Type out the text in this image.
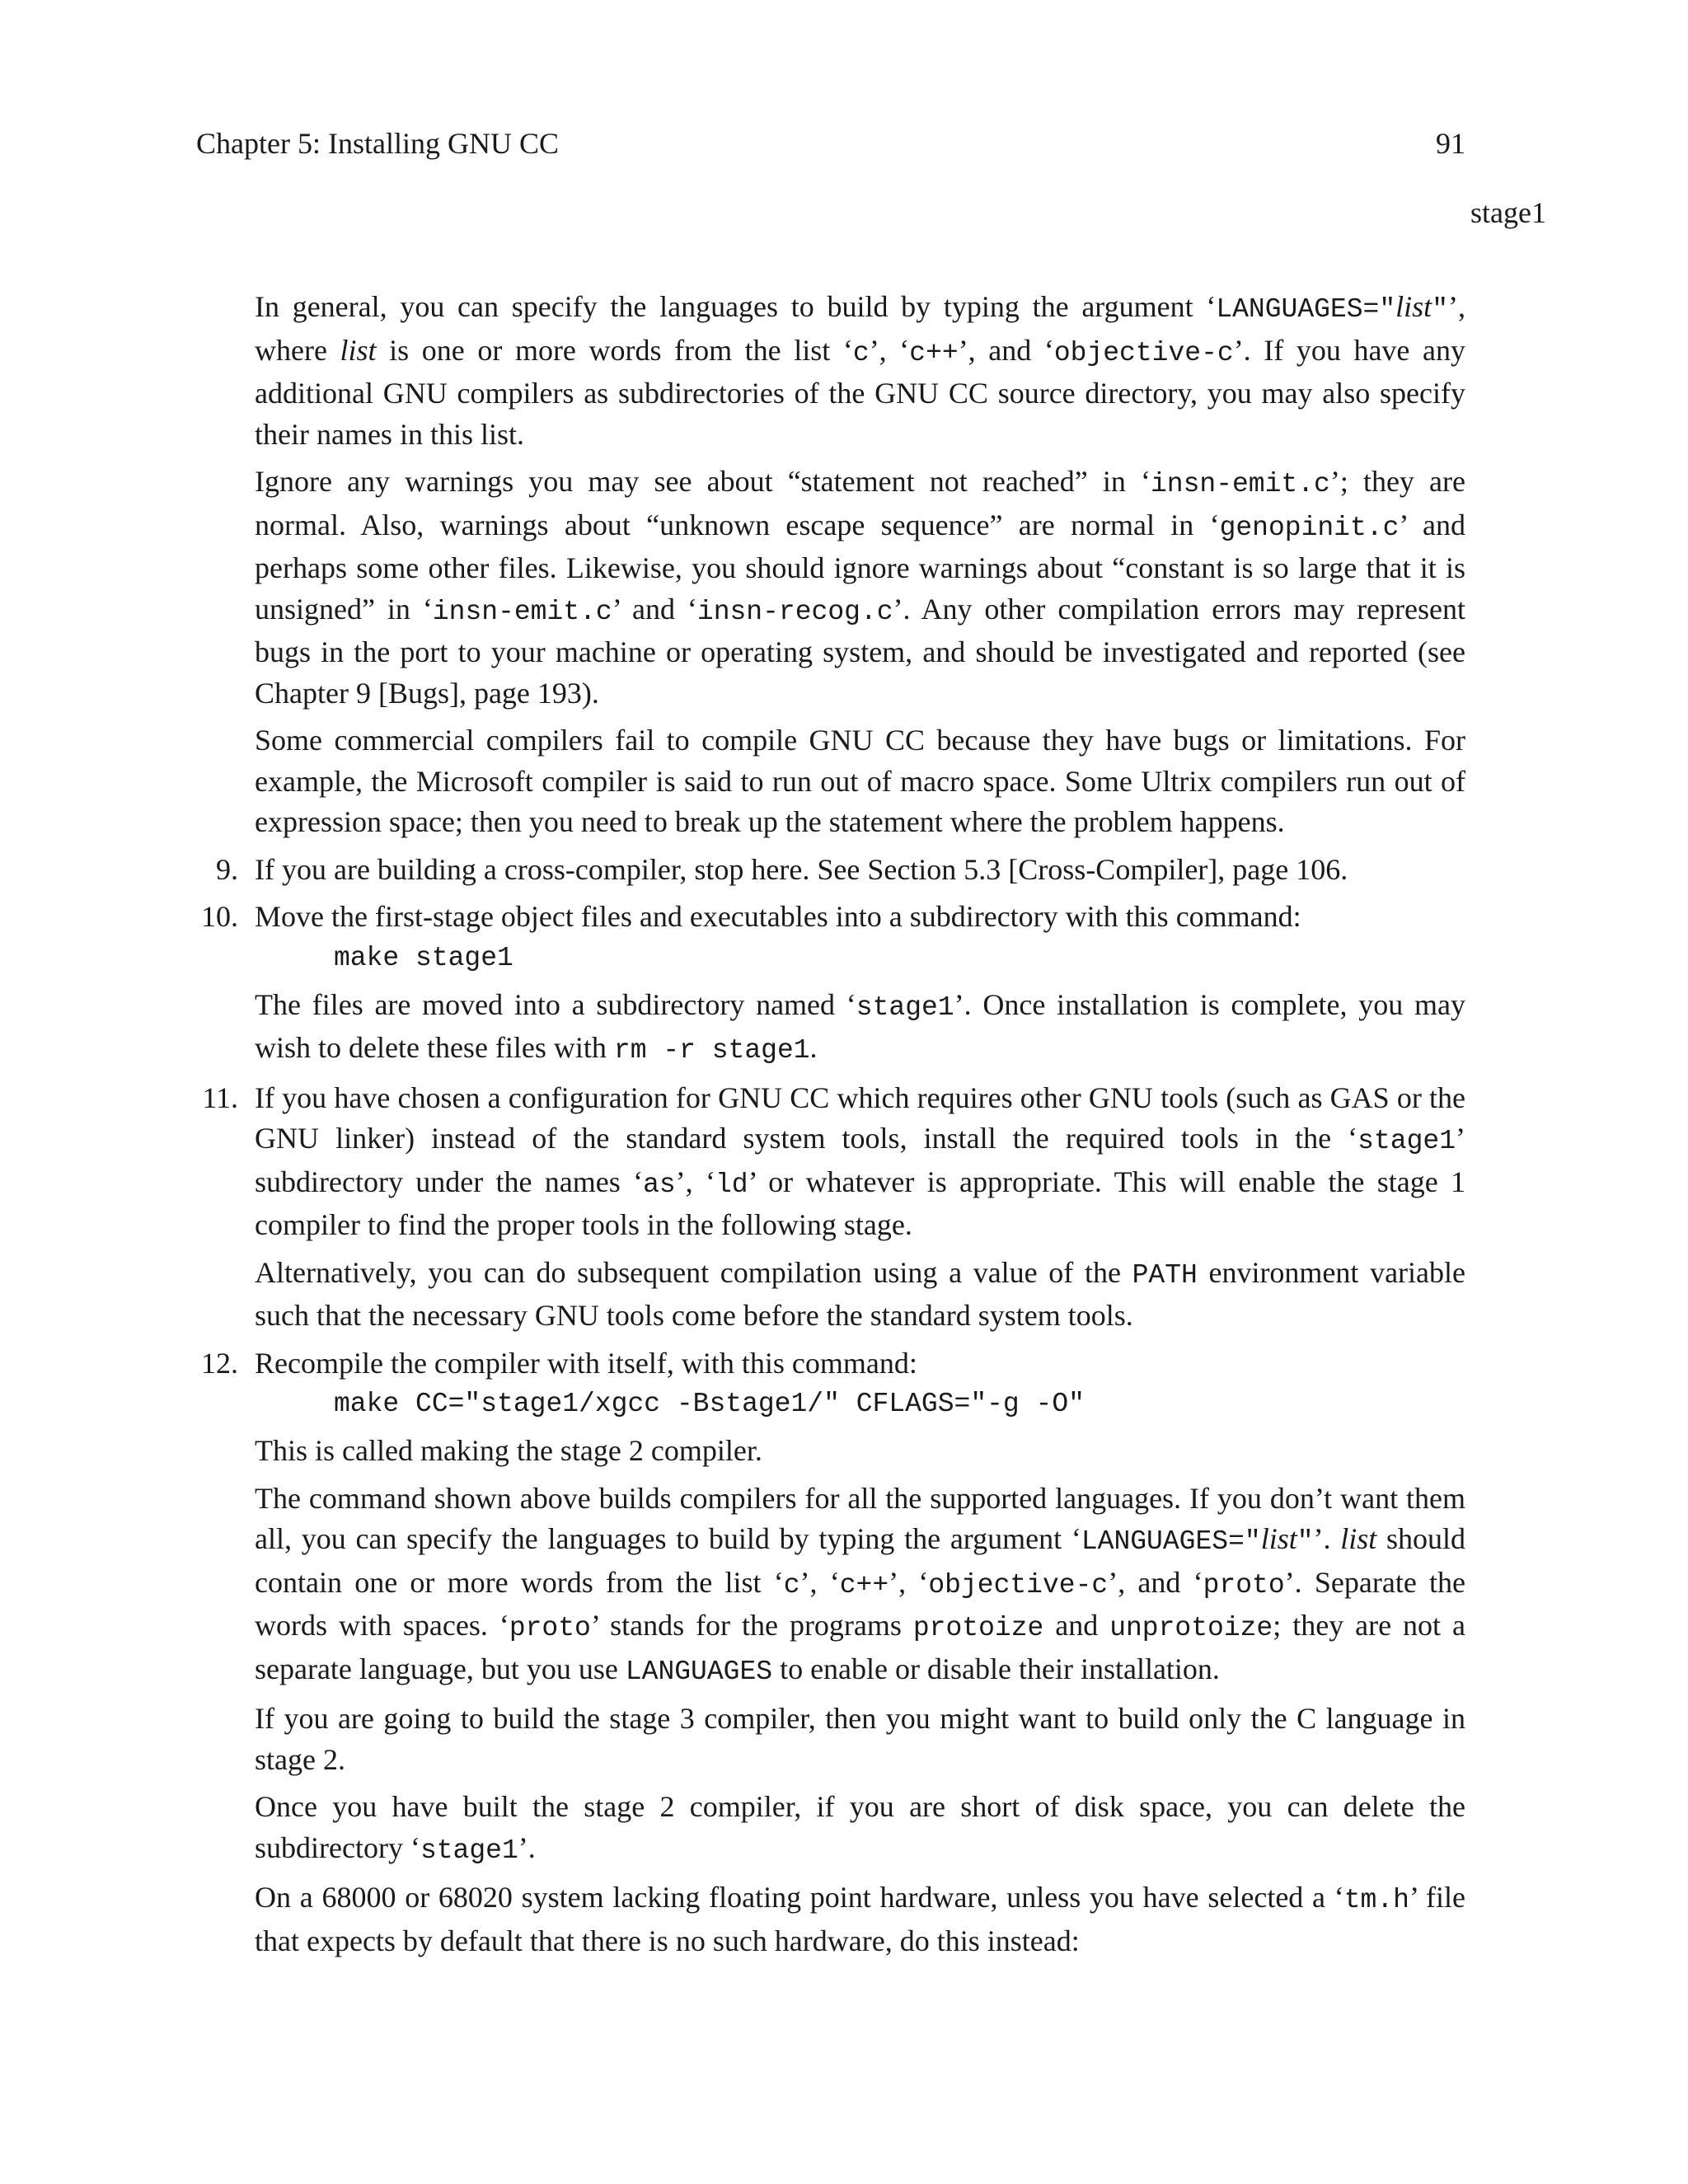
Chapter 5: Installing GNU CC	91
stage1

In general, you can specify the languages to build by typing the argument ‘LANGUAGES="list"’, where list is one or more words from the list ‘c’, ‘c++’, and ‘objective-c’. If you have any additional GNU compilers as subdirectories of the GNU CC source directory, you may also specify their names in this list.

Ignore any warnings you may see about “statement not reached” in ‘insn-emit.c’; they are normal. Also, warnings about “unknown escape sequence” are normal in ‘genopinit.c’ and perhaps some other files. Likewise, you should ignore warnings about “constant is so large that it is unsigned” in ‘insn-emit.c’ and ‘insn-recog.c’. Any other compilation errors may represent bugs in the port to your machine or operating system, and should be investigated and reported (see Chapter 9 [Bugs], page 193).

Some commercial compilers fail to compile GNU CC because they have bugs or limitations. For example, the Microsoft compiler is said to run out of macro space. Some Ultrix compilers run out of expression space; then you need to break up the statement where the problem happens.

9. If you are building a cross-compiler, stop here. See Section 5.3 [Cross-Compiler], page 106.

10. Move the first-stage object files and executables into a subdirectory with this command:

make stage1

The files are moved into a subdirectory named ‘stage1’. Once installation is complete, you may wish to delete these files with rm -r stage1.

11. If you have chosen a configuration for GNU CC which requires other GNU tools (such as GAS or the GNU linker) instead of the standard system tools, install the required tools in the ‘stage1’ subdirectory under the names ‘as’, ‘ld’ or whatever is appropriate. This will enable the stage 1 compiler to find the proper tools in the following stage.

Alternatively, you can do subsequent compilation using a value of the PATH environment variable such that the necessary GNU tools come before the standard system tools.

12. Recompile the compiler with itself, with this command:

make CC="stage1/xgcc -Bstage1/" CFLAGS="-g -O"

This is called making the stage 2 compiler.

The command shown above builds compilers for all the supported languages. If you don’t want them all, you can specify the languages to build by typing the argument ‘LANGUAGES="list"’. list should contain one or more words from the list ‘c’, ‘c++’, ‘objective-c’, and ‘proto’. Separate the words with spaces. ‘proto’ stands for the programs protoize and unprotoize; they are not a separate language, but you use LANGUAGES to enable or disable their installation.

If you are going to build the stage 3 compiler, then you might want to build only the C language in stage 2.

Once you have built the stage 2 compiler, if you are short of disk space, you can delete the subdirectory ‘stage1’.

On a 68000 or 68020 system lacking floating point hardware, unless you have selected a ‘tm.h’ file that expects by default that there is no such hardware, do this instead:
